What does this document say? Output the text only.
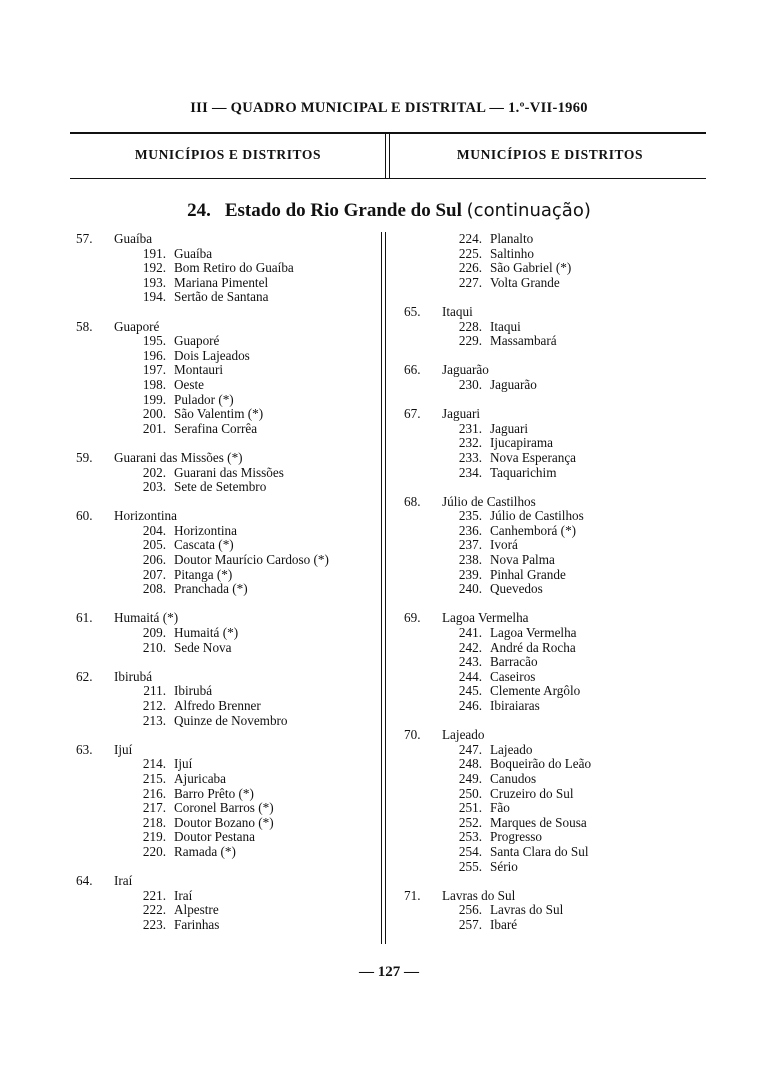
III — QUADRO MUNICIPAL E DISTRITAL — 1.º-VII-1960
MUNICÍPIOS E DISTRITOS	MUNICÍPIOS E DISTRITOS
24. Estado do Rio Grande do Sul (continuação)
57.	Guaíba
191. Guaíba
192. Bom Retiro do Guaíba
193. Mariana Pimentel
194. Sertão de Santana
58.	Guaporé
195. Guaporé
196. Dois Lajeados
197. Montauri
198. Oeste
199. Pulador (*)
200. São Valentim (*)
201. Serafina Corrêa
59.	Guarani das Missões (*)
202. Guarani das Missões
203. Sete de Setembro
60.	Horizontina
204. Horizontina
205. Cascata (*)
206. Doutor Maurício Cardoso (*)
207. Pitanga (*)
208. Pranchada (*)
61.	Humaitá (*)
209. Humaitá (*)
210. Sede Nova
62.	Ibirubá
211. Ibirubá
212. Alfredo Brenner
213. Quinze de Novembro
63.	Ijuí
214. Ijuí
215. Ajuricaba
216. Barro Prêto (*)
217. Coronel Barros (*)
218. Doutor Bozano (*)
219. Doutor Pestana
220. Ramada (*)
64.	Iraí
221. Iraí
222. Alpestre
223. Farinhas
224. Planalto
225. Saltinho
226. São Gabriel (*)
227. Volta Grande
65.	Itaqui
228. Itaqui
229. Massambará
66.	Jaguarão
230. Jaguarão
67.	Jaguari
231. Jaguari
232. Ijucapirama
233. Nova Esperança
234. Taquarichim
68.	Júlio de Castilhos
235. Júlio de Castilhos
236. Canhemborá (*)
237. Ivorá
238. Nova Palma
239. Pinhal Grande
240. Quevedos
69.	Lagoa Vermelha
241. Lagoa Vermelha
242. André da Rocha
243. Barracão
244. Caseiros
245. Clemente Argôlo
246. Ibiraiaras
70.	Lajeado
247. Lajeado
248. Boqueirão do Leão
249. Canudos
250. Cruzeiro do Sul
251. Fão
252. Marques de Sousa
253. Progresso
254. Santa Clara do Sul
255. Sério
71.	Lavras do Sul
256. Lavras do Sul
257. Ibaré
— 127 —
